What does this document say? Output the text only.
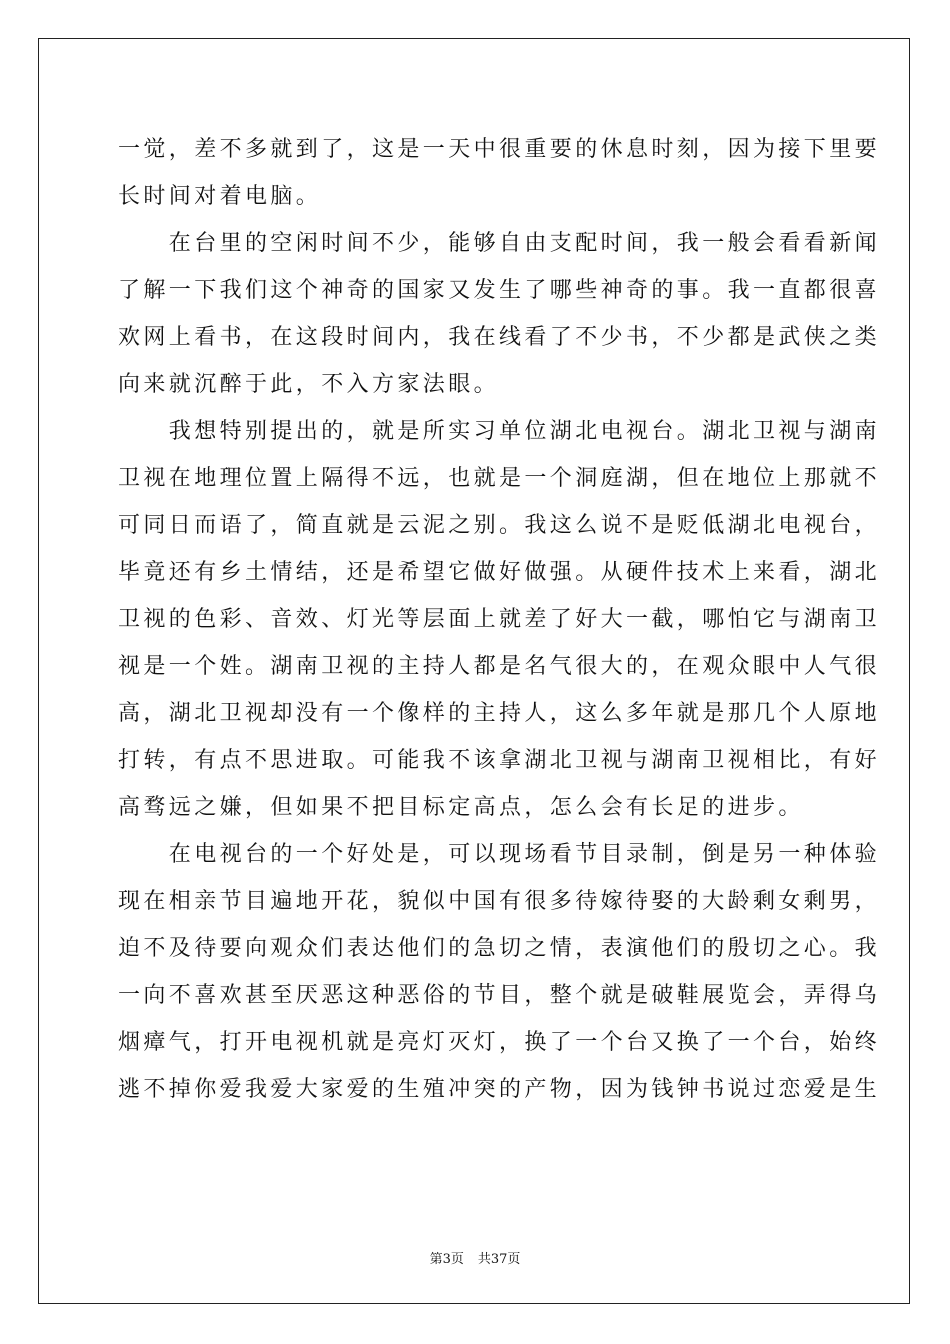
一觉，差不多就到了，这是一天中很重要的休息时刻，因为接下里要
长时间对着电脑。
　　在台里的空闲时间不少，能够自由支配时间，我一般会看看新闻
了解一下我们这个神奇的国家又发生了哪些神奇的事。我一直都很喜
欢网上看书，在这段时间内，我在线看了不少书，不少都是武侠之类
向来就沉醉于此，不入方家法眼。
　　我想特别提出的，就是所实习单位湖北电视台。湖北卫视与湖南
卫视在地理位置上隔得不远，也就是一个洞庭湖，但在地位上那就不
可同日而语了，简直就是云泥之别。我这么说不是贬低湖北电视台，
毕竟还有乡土情结，还是希望它做好做强。从硬件技术上来看，湖北
卫视的色彩、音效、灯光等层面上就差了好大一截，哪怕它与湖南卫
视是一个姓。湖南卫视的主持人都是名气很大的，在观众眼中人气很
高，湖北卫视却没有一个像样的主持人，这么多年就是那几个人原地
打转，有点不思进取。可能我不该拿湖北卫视与湖南卫视相比，有好
高骛远之嫌，但如果不把目标定高点，怎么会有长足的进步。
　　在电视台的一个好处是，可以现场看节目录制，倒是另一种体验
现在相亲节目遍地开花，貌似中国有很多待嫁待娶的大龄剩女剩男，
迫不及待要向观众们表达他们的急切之情，表演他们的殷切之心。我
一向不喜欢甚至厌恶这种恶俗的节目，整个就是破鞋展览会，弄得乌
烟瘴气，打开电视机就是亮灯灭灯，换了一个台又换了一个台，始终
逃不掉你爱我爱大家爱的生殖冲突的产物，因为钱钟书说过恋爱是生
第3页 共37页
